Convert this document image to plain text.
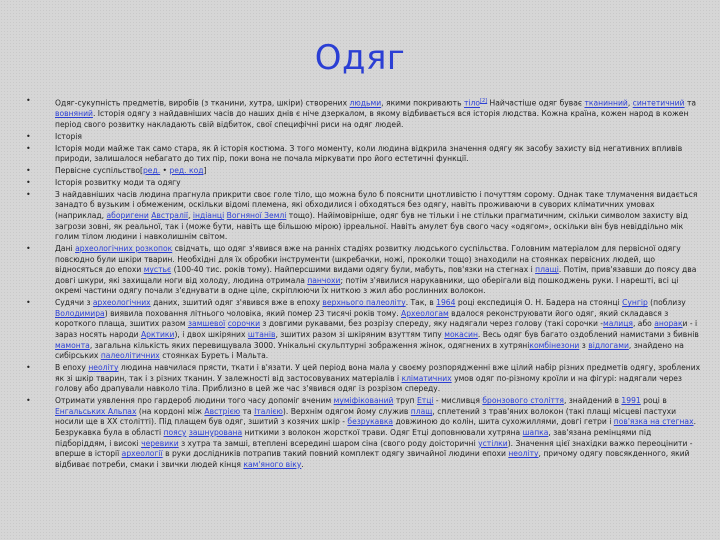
Одяг
• Одяг-сукупність предметів, виробів (з тканини, хутра, шкіри) створених людьми, якими покривають тіло[2] Найчастіше одяг буває тканинний, синтетичний та вовняний. Історія одягу з найдавніших часів до наших днів є ніче дзеркалом, в якому відбивається вся історія людства. Кожна країна, кожен народ в кожен період свого розвитку накладають свій відбиток, свої специфічні риси на одяг людей.
• Історія
• Історія моди майже так само стара, як й історія костюма. З того моменту, коли людина відкрила значення одягу як засобу захисту від негативних впливів природи, залишалося небагато до тих пір, поки вона не почала міркувати про його естетичні функції.
• Первісне суспільство[ред. • ред. код]
• Історія розвитку моди та одягу
• З найдавніших часів людина прагнула прикрити своє голе тіло, що можна було б пояснити цнотливістю і почуттям сорому. Однак таке тлумачення видається занадто б вузьким і обмеженим, оскільки відомі племена, які обходилися і обходяться без одягу, навіть проживаючи в суворих кліматичних умовах (наприклад, аборигени Австралії, індіанці Вогняної Землі тощо). Найімовірніше, одяг був не тільки і не стільки прагматичним, скільки символом захисту від загрози зовні, як реальної, так і (може бути, навіть ще більшою мірою) ірреальної. Навіть амулет був свого часу «одягом», оскільки він був невіддільно мік голим тілом людини і навколишнім світом.
• Дані археологічних розкопок свідчать, що одяг з'явився вже на ранніх стадіях розвитку людського суспільства. Головним матеріалом для первісної одягу повсюдно були шкіри тварин. Необхідні для їх обробки інструменти (шкребачки, ножі, проколки тощо) знаходили на стоянках первісних людей, що відносяться до епохи мустьє (100-40 тис. років тому). Найперсшими видами одягу були, мабуть, пов'язки на стегнах і плащі. Потім, прив'язавши до поясу два довгі шкури, які захищали ноги від холоду, людина отримала панчохи; потім з'явилися нарукавники, що оберігали від пошкоджень руки. І нарешті, всі ці окремі частини одягу почали з'єднувати в одне ціле, скріплюючи їх ниткою з жил або рослинних волокон.
• Судячи з археологічних даних, зшитий одяг з'явився вже в епоху верхнього палеоліту. Так, в 1964 році експедиція О. Н. Бадера на стоянці Сунгір (поблизу Володимира) виявила поховання літнього чоловіка, який помер 23 тисячі років тому. Археологам вдалося реконструювати його одяг, який складався з короткого плаща, зшитих разом замшевої сорочки з довгими рукавами, без розрізу спереду, яку надягали через голову (такі сорочки -малиця, або анораки - і зараз носять народи Арктики), і двох шкіряних штанів, зшитих разом зі шкіряним взуттям типу мокасин. Весь одяг був багато оздоблений намистами з бивнів мамонта, загальна кількість яких перевищувала 3000. Унікальні скульптурні зображення жінок, одягнених в хутрянікомбінезони з відлогами, знайдено на сибірських палеолітичних стоянках Буреть і Мальта.
• В епоху неоліту людина навчилася прясти, ткати і в'язати. У цей період вона мала у своєму розпорядженні вже цілий набір різних предметів одягу, зроблених як зі шкір тварин, так і з різних тканин. У залежності від застосовуваних матеріалів і кліматичних умов одяг по-різному кроїли и на фігурі: надягали через голову або драпували навколо тіла. Приблизно в цей же час з'явився одяг із розрізом спереду.
• Отримати уявлення про гардероб людини того часу допоміг вченим муміфікований труп Етці - мисливця бронзового століття, знайдений в 1991 році в Енгальських Альпах (на кордоні між Австрією та Італією). Верхнім одягом йому служив плащ, сплетений з трав'яних волокон (такі плащі місцеві пастухи носили ще в XX столітті). Під плащем був одяг, зшитий з козячих шкір - безрукавка довжиною до колін, шита сухожиллями, довгі гетри і пов'язка на стегнах. Безрукавка була в області поясу зашнурована ниткими з волокон жорсткої трави. Одяг Етці доповнювали хутряна шапка, зав'язана ремінцями під підборіддям, і високі черевики з хутра та замші, втеплені всередині шаром сіна (свого роду доісторичні устілки). Значення цієї знахідки важко переоцінити - вперше в історії археології в руки дослідників потрапив такий повний комплект одягу звичайної людини епохи неоліту, причому одягу повсякденного, який відбиває потреби, смаки і звички людей кінця кам'яного віку.
